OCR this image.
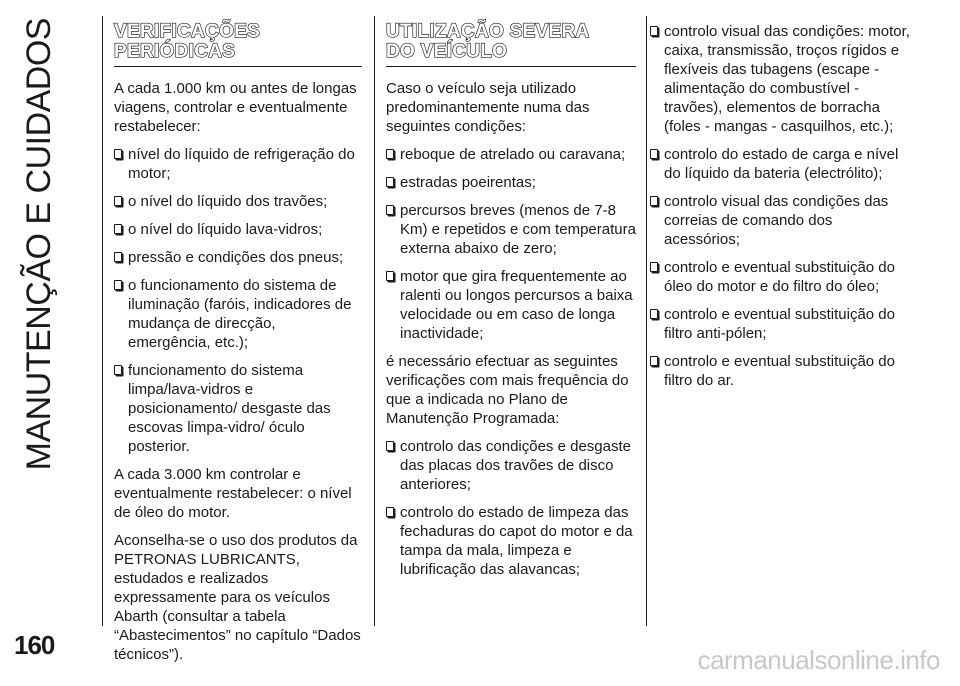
MANUTENÇÃO E CUIDADOS
160
VERIFICAÇÕES
PERIÓDICAS

A cada 1.000 km ou antes de longas viagens, controlar e eventualmente restabelecer:

nível do líquido de refrigeração do motor;
o nível do líquido dos travões;
o nível do líquido lava-vidros;
pressão e condições dos pneus;
o funcionamento do sistema de iluminação (faróis, indicadores de mudança de direcção, emergência, etc.);
funcionamento do sistema limpa/lava-vidros e posicionamento/ desgaste das escovas limpa-vidro/ óculo posterior.

A cada 3.000 km controlar e eventualmente restabelecer: o nível de óleo do motor.

Aconselha-se o uso dos produtos da PETRONAS LUBRICANTS, estudados e realizados expressamente para os veículos Abarth (consultar a tabela “Abastecimentos” no capítulo “Dados técnicos”).

UTILIZAÇÃO SEVERA
DO VEÍCULO

Caso o veículo seja utilizado predominantemente numa das seguintes condições:

reboque de atrelado ou caravana;
estradas poeirentas;
percursos breves (menos de 7-8 Km) e repetidos e com temperatura externa abaixo de zero;
motor que gira frequentemente ao ralenti ou longos percursos a baixa velocidade ou em caso de longa inactividade;

é necessário efectuar as seguintes verificações com mais frequência do que a indicada no Plano de Manutenção Programada:

controlo das condições e desgaste das placas dos travões de disco anteriores;
controlo do estado de limpeza das fechaduras do capot do motor e da tampa da mala, limpeza e lubrificação das alavancas;
controlo visual das condições: motor, caixa, transmissão, troços rígidos e flexíveis das tubagens (escape - alimentação do combustível - travões), elementos de borracha (foles - mangas - casquilhos, etc.);
controlo do estado de carga e nível do líquido da bateria (electrólito);
controlo visual das condições das correias de comando dos acessórios;
controlo e eventual substituição do óleo do motor e do filtro do óleo;
controlo e eventual substituição do filtro anti-pólen;
controlo e eventual substituição do filtro do ar.
carmanualsonline.info
